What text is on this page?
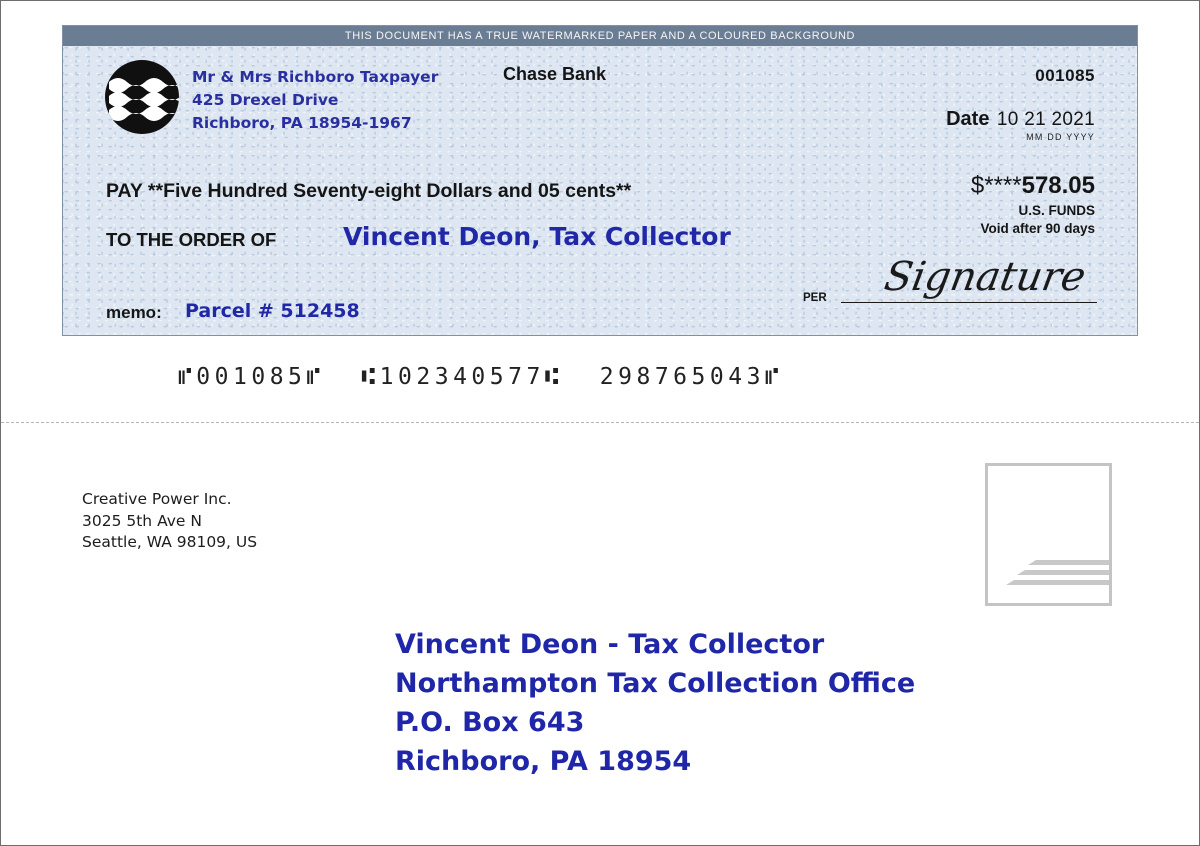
THIS DOCUMENT HAS A TRUE WATERMARKED PAPER AND A COLOURED BACKGROUND
Mr & Mrs Richboro Taxpayer
425 Drexel Drive
Richboro, PA 18954-1967
Chase Bank	001085
Date 10 21 2021
MM DD YYYY
PAY **Five Hundred Seventy-eight Dollars and 05 cents**	$****578.05
U.S. FUNDS
Void after 90 days
TO THE ORDER OF	Vincent Deon, Tax Collector
memo: Parcel # 512458
PER Signature
⑈001085⑈  ⑆102340577⑆  298765043⑈
Creative Power Inc.
3025 5th Ave N
Seattle, WA 98109, US
Vincent Deon - Tax Collector
Northampton Tax Collection Office
P.O. Box 643
Richboro, PA 18954
